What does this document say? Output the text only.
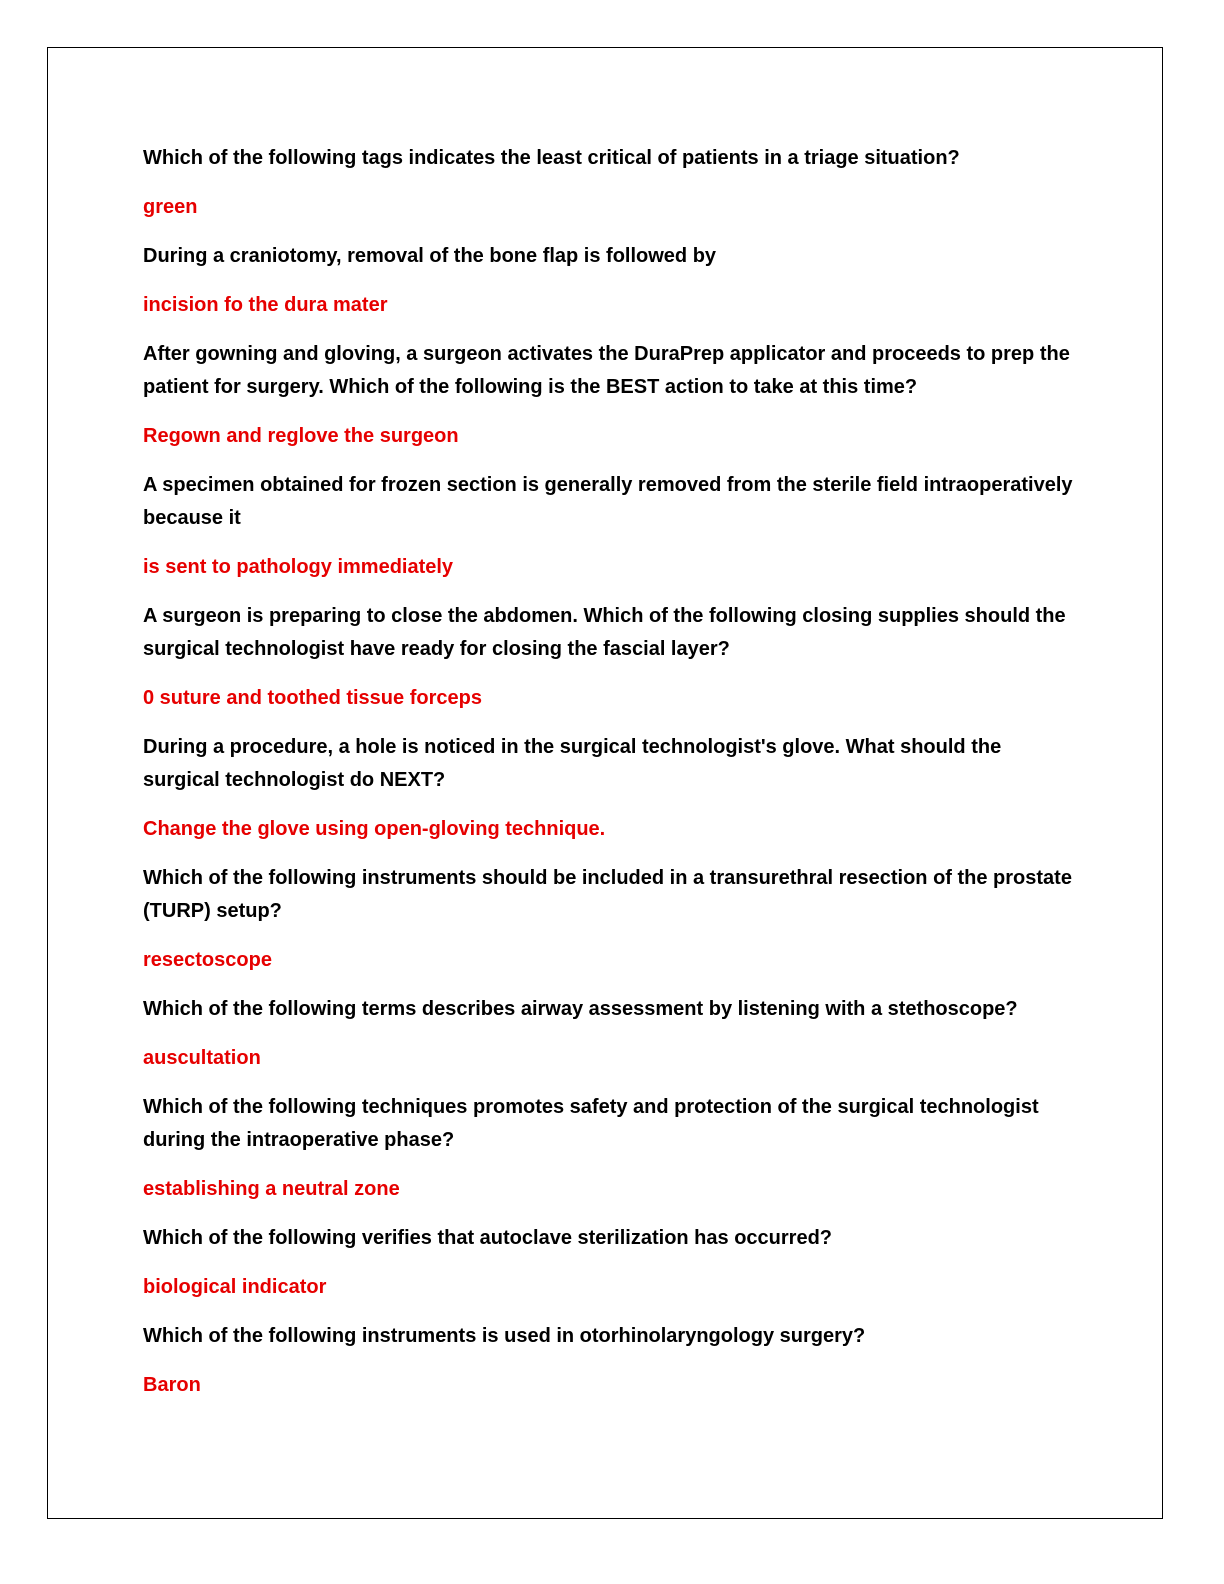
Which of the following tags indicates the least critical of patients in a triage situation?

green

During a craniotomy, removal of the bone flap is followed by

incision fo the dura mater

After gowning and gloving, a surgeon activates the DuraPrep applicator and proceeds to prep the patient for surgery. Which of the following is the BEST action to take at this time?

Regown and reglove the surgeon

A specimen obtained for frozen section is generally removed from the sterile field intraoperatively because it

is sent to pathology immediately

A surgeon is preparing to close the abdomen. Which of the following closing supplies should the surgical technologist have ready for closing the fascial layer?

0 suture and toothed tissue forceps

During a procedure, a hole is noticed in the surgical technologist's glove. What should the surgical technologist do NEXT?

Change the glove using open-gloving technique.

Which of the following instruments should be included in a transurethral resection of the prostate (TURP) setup?

resectoscope

Which of the following terms describes airway assessment by listening with a stethoscope?

auscultation

Which of the following techniques promotes safety and protection of the surgical technologist during the intraoperative phase?

establishing a neutral zone

Which of the following verifies that autoclave sterilization has occurred?

biological indicator

Which of the following instruments is used in otorhinolaryngology surgery?

Baron
